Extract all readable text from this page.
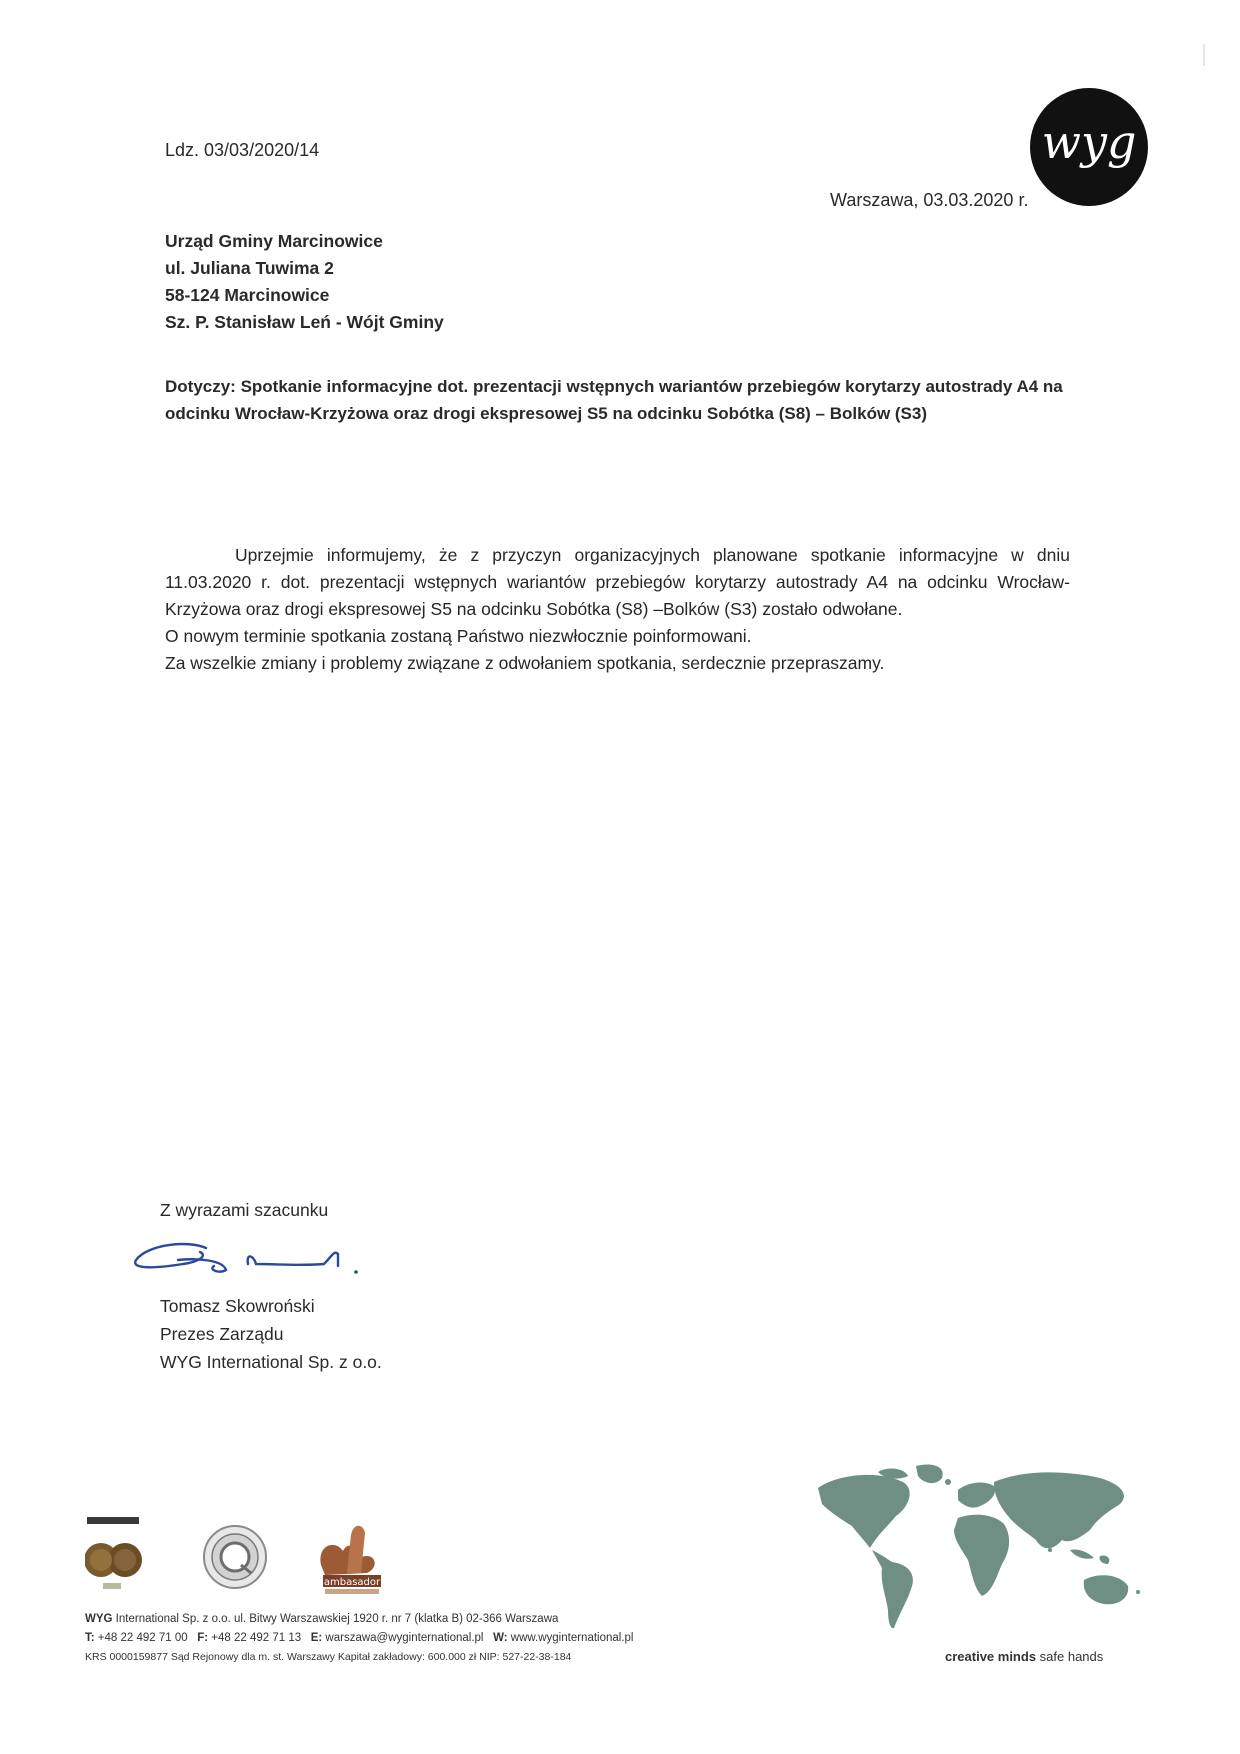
Ldz. 03/03/2020/14	wyg
Warszawa, 03.03.2020 r.
Urząd Gminy Marcinowice
ul. Juliana Tuwima 2
58-124 Marcinowice
Sz. P. Stanisław Leń - Wójt Gminy
Dotyczy: Spotkanie informacyjne dot. prezentacji wstępnych wariantów przebiegów korytarzy autostrady A4 na odcinku Wrocław-Krzyżowa oraz drogi ekspresowej S5 na odcinku Sobótka (S8) – Bolków (S3)

Uprzejmie informujemy, że z przyczyn organizacyjnych planowane spotkanie informacyjne w dniu 11.03.2020 r. dot. prezentacji wstępnych wariantów przebiegów korytarzy autostrady A4 na odcinku Wrocław-Krzyżowa oraz drogi ekspresowej S5 na odcinku Sobótka (S8) –Bolków (S3) zostało odwołane.

O nowym terminie spotkania zostaną Państwo niezwłocznie poinformowani.

Za wszelkie zmiany i problemy związane z odwołaniem spotkania, serdecznie przepraszamy.

Z wyrazami szacunku
Tomasz Skowroński
Prezes Zarządu
WYG International Sp. z o.o.
ambasador
WYG International Sp. z o.o. ul. Bitwy Warszawskiej 1920 r. nr 7 (klatka B) 02-366 Warszawa
T: +48 22 492 71 00 F: +48 22 492 71 13 E: warszawa@wyginternational.pl W: www.wyginternational.pl
KRS 0000159877 Sąd Rejonowy dla m. st. Warszawy Kapitał zakładowy: 600.000 zł NIP: 527-22-38-184	creative minds safe hands
